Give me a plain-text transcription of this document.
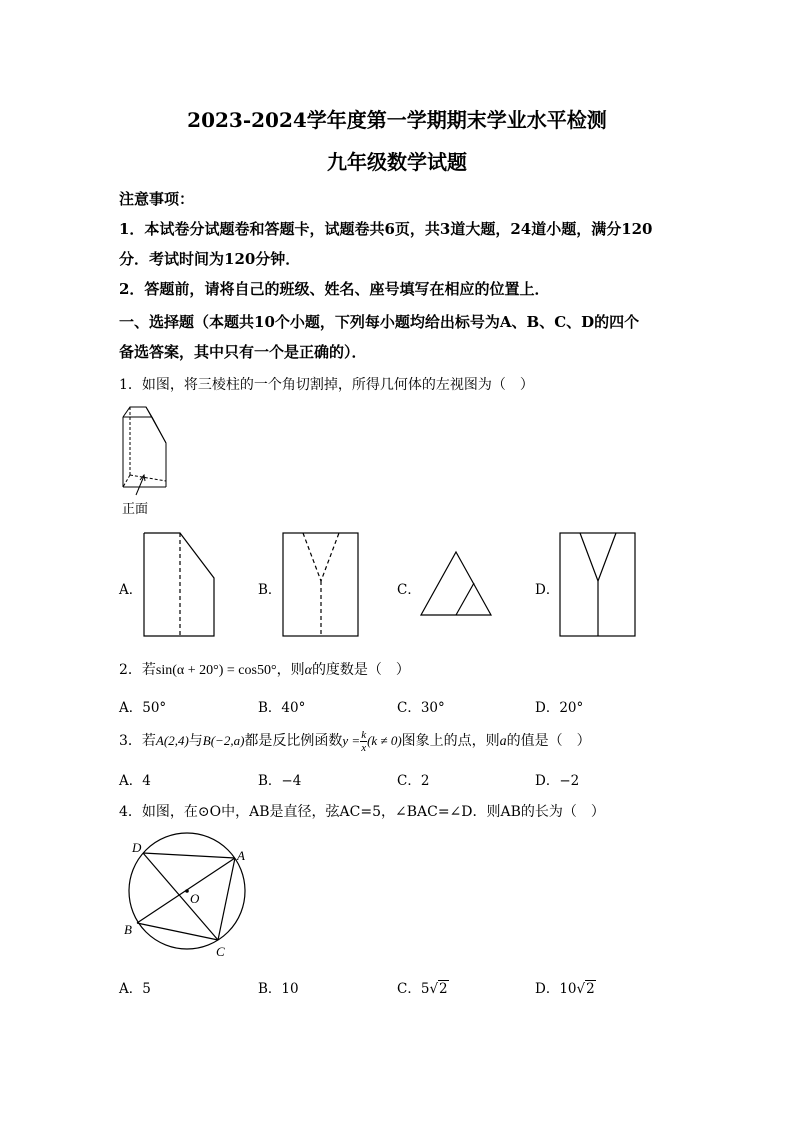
2023-2024学年度第一学期期末学业水平检测
九年级数学试题
注意事项：
1．本试卷分试题卷和答题卡，试题卷共6页，共3道大题，24道小题，满分120
分．考试时间为120分钟．
2．答题前，请将自己的班级、姓名、座号填写在相应的位置上．
一、选择题（本题共10个小题，下列每小题均给出标号为A、B、C、D的四个
备选答案，其中只有一个是正确的）．
1．如图，将三棱柱的一个角切割掉，所得几何体的左视图为（　）
正面
A．	B．	C．	D．
2．若sin(α + 20°) = cos50°，则α的度数是（　）
A．50°	B．40°	C．30°	D．20°
3．若A(2,4)与B(−2,a)都是反比例函数$y = \frac{k}{x} (k \ne 0)$图象上的点，则a的值是（　）
A．4	B．−4	C．2	D．−2
4．如图，在⊙O中，AB是直径，弦AC=5，∠BAC=∠D．则AB的长为（　）
D
A
O
B
C
A．5	B．10	C．5√2	D．10√2
